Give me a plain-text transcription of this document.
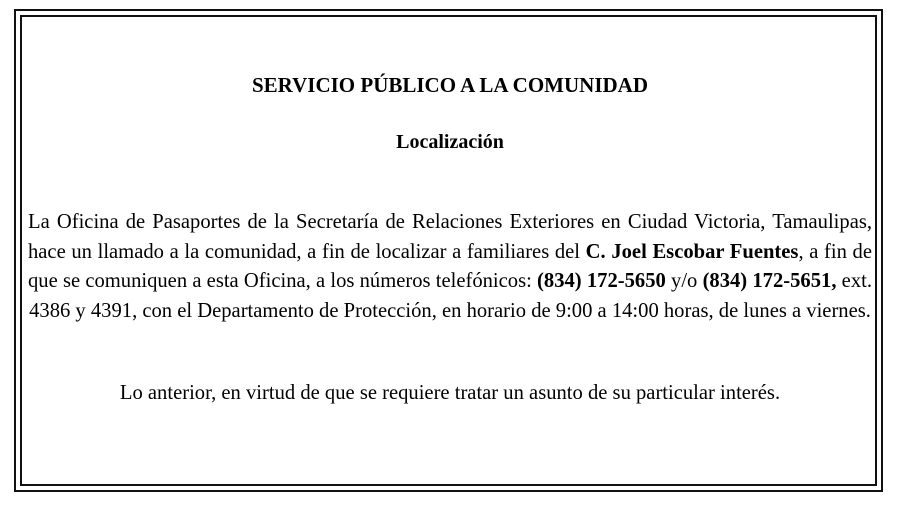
SERVICIO PÚBLICO A LA COMUNIDAD
Localización

La Oficina de Pasaportes de la Secretaría de Relaciones Exteriores en Ciudad Victoria, Tamaulipas, hace un llamado a la comunidad, a fin de localizar a familiares del C. Joel Escobar Fuentes, a fin de que se comuniquen a esta Oficina, a los números telefónicos: (834) 172-5650 y/o (834) 172-5651, ext. 4386 y 4391, con el Departamento de Protección, en horario de 9:00 a 14:00 horas, de lunes a viernes.

Lo anterior, en virtud de que se requiere tratar un asunto de su particular interés.
